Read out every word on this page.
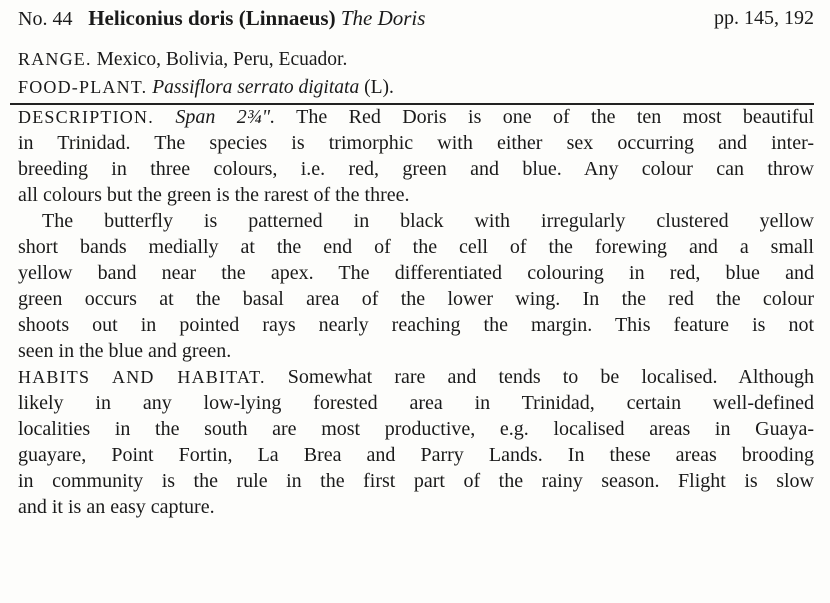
No. 44 Heliconius doris (Linnaeus) The Doris	pp. 145, 192
RANGE. Mexico, Bolivia, Peru, Ecuador.
FOOD-PLANT. Passiflora serrato digitata (L).
DESCRIPTION. Span 2¾". The Red Doris is one of the ten most beautiful
in Trinidad. The species is trimorphic with either sex occurring and inter-
breeding in three colours, i.e. red, green and blue. Any colour can throw
all colours but the green is the rarest of the three.
The butterfly is patterned in black with irregularly clustered yellow
short bands medially at the end of the cell of the forewing and a small
yellow band near the apex. The differentiated colouring in red, blue and
green occurs at the basal area of the lower wing. In the red the colour
shoots out in pointed rays nearly reaching the margin. This feature is not
seen in the blue and green.
HABITS AND HABITAT. Somewhat rare and tends to be localised. Although
likely in any low-lying forested area in Trinidad, certain well-defined
localities in the south are most productive, e.g. localised areas in Guaya-
guayare, Point Fortin, La Brea and Parry Lands. In these areas brooding
in community is the rule in the first part of the rainy season. Flight is slow
and it is an easy capture.
